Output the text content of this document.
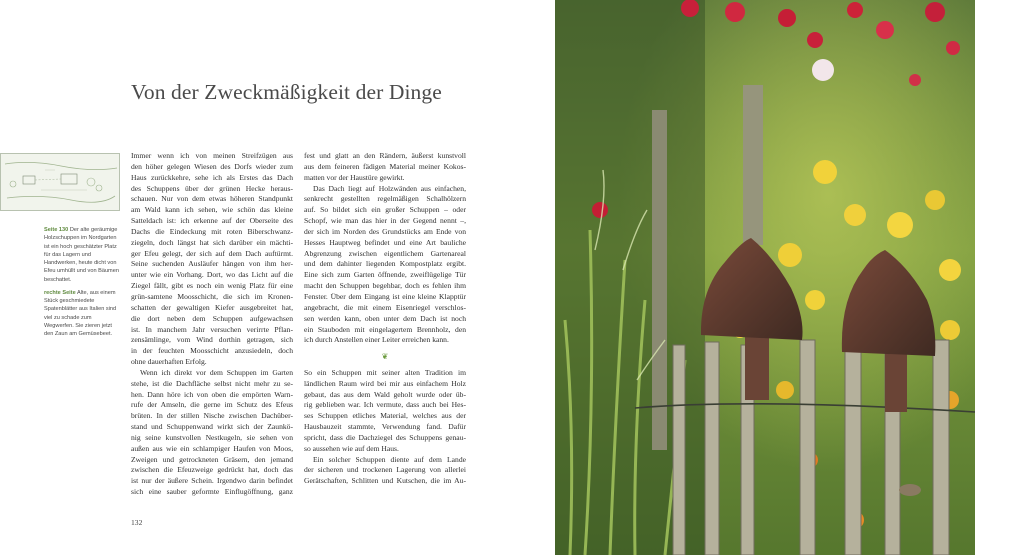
Von der Zweckmäßigkeit der Dinge

Seite 130 Der alte geräumige Holzschuppen im Nordgarten ist ein hoch geschätzter Platz für das Lagern und Handwerken, heute dicht von Efeu umhüllt und von Bäumen beschattet.

rechte Seite Alte, aus einem Stück geschmiedete Spatenblätter aus Italien sind viel zu schade zum Wegwerfen. Sie zieren jetzt den Zaun am Gemüsebeet.

Immer wenn ich von meinen Streifzügen aus
den höher gelegen Wiesen des Dorfs wieder zum
Haus zurückkehre, sehe ich als Erstes das Dach
des Schuppens über der grünen Hecke heraus-
schauen. Nur von dem etwas höheren Standpunkt
am Wald kann ich sehen, wie schön das kleine
Satteldach ist: ich erkenne auf der Oberseite des
Dachs die Eindeckung mit roten Biberschwanz-
ziegeln, doch längst hat sich darüber ein mächti-
ger Efeu gelegt, der sich auf dem Dach auftürmt.
Seine suchenden Ausläufer hängen von ihm her-
unter wie ein Vorhang. Dort, wo das Licht auf die
Ziegel fällt, gibt es noch ein wenig Platz für eine
grün-samtene Moosschicht, die sich im Kronen-
schatten der gewaltigen Kiefer ausgebreitet hat,
die dort neben dem Schuppen aufgewachsen
ist. In manchem Jahr versuchen verirrte Pflan-
zensämlinge, vom Wind dorthin getragen, sich
in der feuchten Moosschicht anzusiedeln, doch
ohne dauerhaften Erfolg.
Wenn ich direkt vor dem Schuppen im Garten
stehe, ist die Dachfläche selbst nicht mehr zu se-
hen. Dann höre ich von oben die empörten Warn-
rufe der Amseln, die gerne im Schutz des Efeus
brüten. In der stillen Nische zwischen Dachüber-
stand und Schuppenwand wirkt sich der Zaunkö-
nig seine kunstvollen Nestkugeln, sie sehen von
außen aus wie ein schlampiger Haufen von Moos,
Zweigen und getrockneten Gräsern, den jemand
zwischen die Efeuzweige gedrückt hat, doch das
ist nur der äußere Schein. Irgendwo darin befindet
sich eine sauber geformte Einflugöffnung, ganz
fest und glatt an den Rändern, äußerst kunstvoll
aus dem feineren fädigen Material meiner Kokos-
matten vor der Haustüre gewirkt.
Das Dach liegt auf Holzwänden aus einfachen,
senkrecht gestellten regelmäßigen Schalhölzern
auf. So bildet sich ein großer Schuppen – oder
Schopf, wie man das hier in der Gegend nennt –,
der sich im Norden des Grundstücks am Ende von
Hesses Hauptweg befindet und eine Art bauliche
Abgrenzung zwischen eigentlichem Gartenareal
und dem dahinter liegenden Kompostplatz ergibt.
Eine sich zum Garten öffnende, zweiflügelige Tür
macht den Schuppen begehbar, doch es fehlen ihm
Fenster. Über dem Eingang ist eine kleine Klapptür
angebracht, die mit einem Eisenriegel verschlos-
sen werden kann, oben unter dem Dach ist noch
ein Stauboden mit eingelagertem Brennholz, den
ich durch Anstellen einer Leiter erreichen kann.
❦
So ein Schuppen mit seiner alten Tradition im
ländlichen Raum wird bei mir aus einfachem Holz
gebaut, das aus dem Wald geholt wurde oder üb-
rig geblieben war. Ich vermute, dass auch bei Hes-
ses Schuppen etliches Material, welches aus der
Hausbauzeit stammte, Verwendung fand. Dafür
spricht, dass die Dachziegel des Schuppens genau-
so aussehen wie auf dem Haus.
Ein solcher Schuppen diente auf dem Lande
der sicheren und trockenen Lagerung von allerlei
Gerätschaften, Schlitten und Kutschen, die im Au-

132
